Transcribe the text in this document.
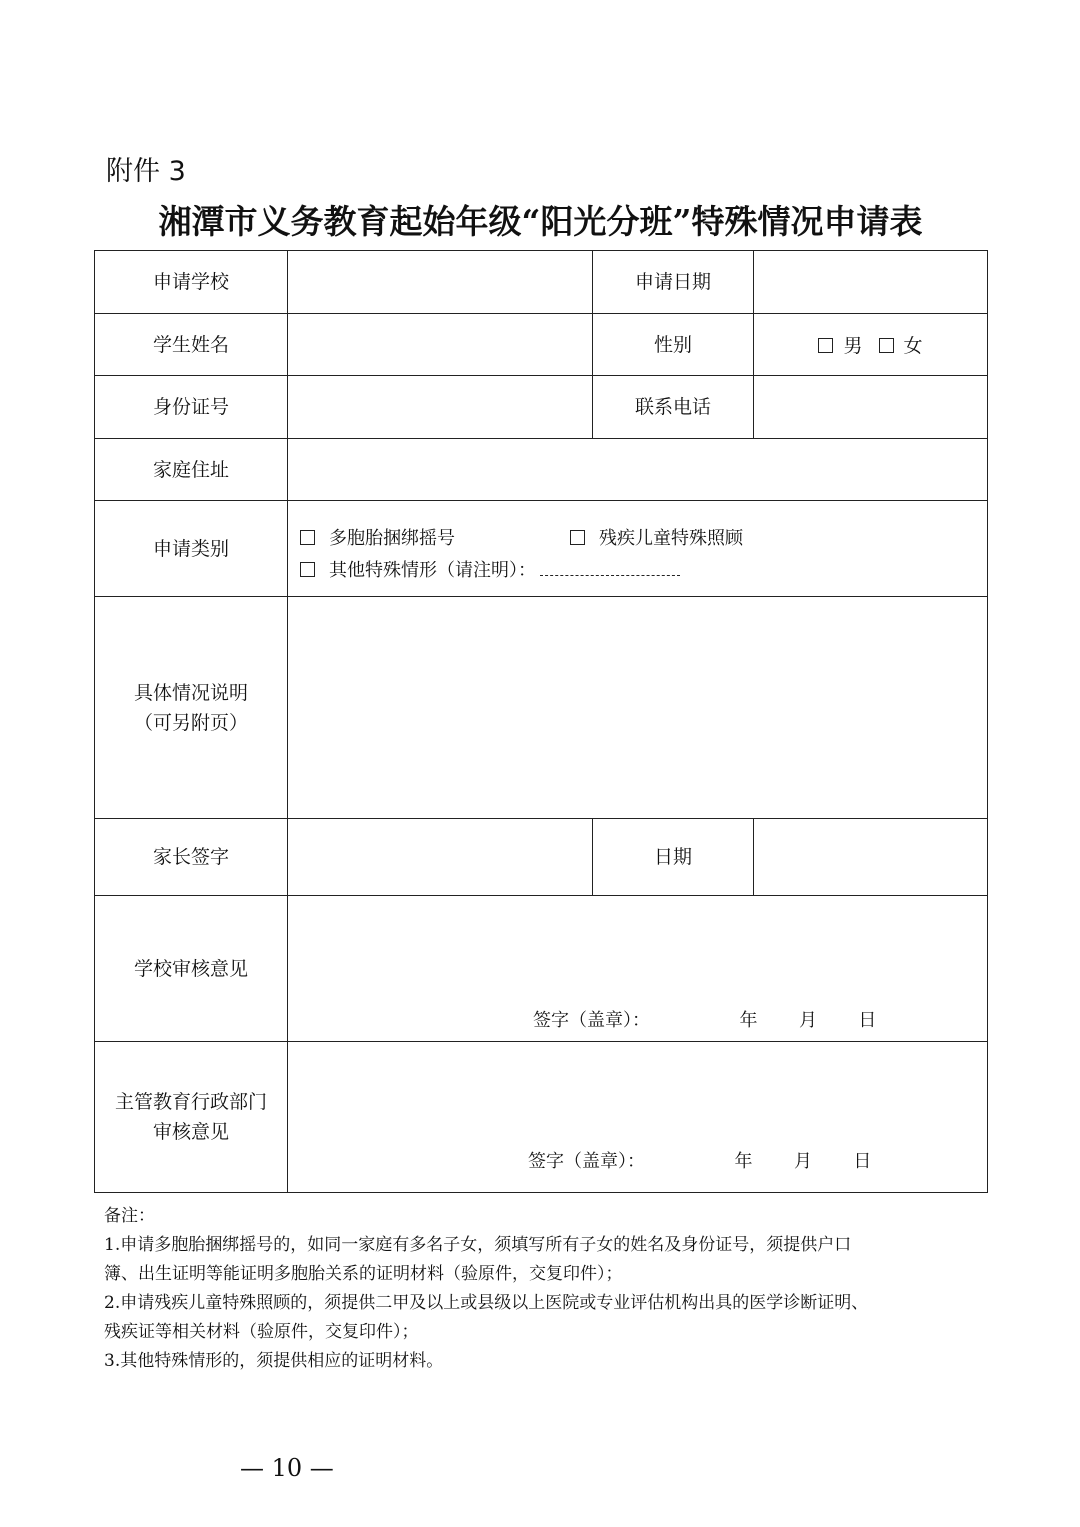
附件 3
湘潭市义务教育起始年级“阳光分班”特殊情况申请表
申请学校		申请日期	
学生姓名		性别	男 女
身份证号		联系电话	
家庭住址			
申请类别	多胞胎捆绑摇号 残疾儿童特殊照顾
其他特殊情形（请注明）：		

具体情况说明
（可另附页）			

家长签字		日期	
学校审核意见	签字（盖章）： 年 月 日		

主管教育行政部门
审核意见	签字（盖章）： 年 月 日		

备注：

1.申请多胞胎捆绑摇号的，如同一家庭有多名子女，须填写所有子女的姓名及身份证号，须提供户口

簿、出生证明等能证明多胞胎关系的证明材料（验原件，交复印件）；

2.申请残疾儿童特殊照顾的，须提供二甲及以上或县级以上医院或专业评估机构出具的医学诊断证明、

残疾证等相关材料（验原件，交复印件）；

3.其他特殊情形的，须提供相应的证明材料。

— 10 —
